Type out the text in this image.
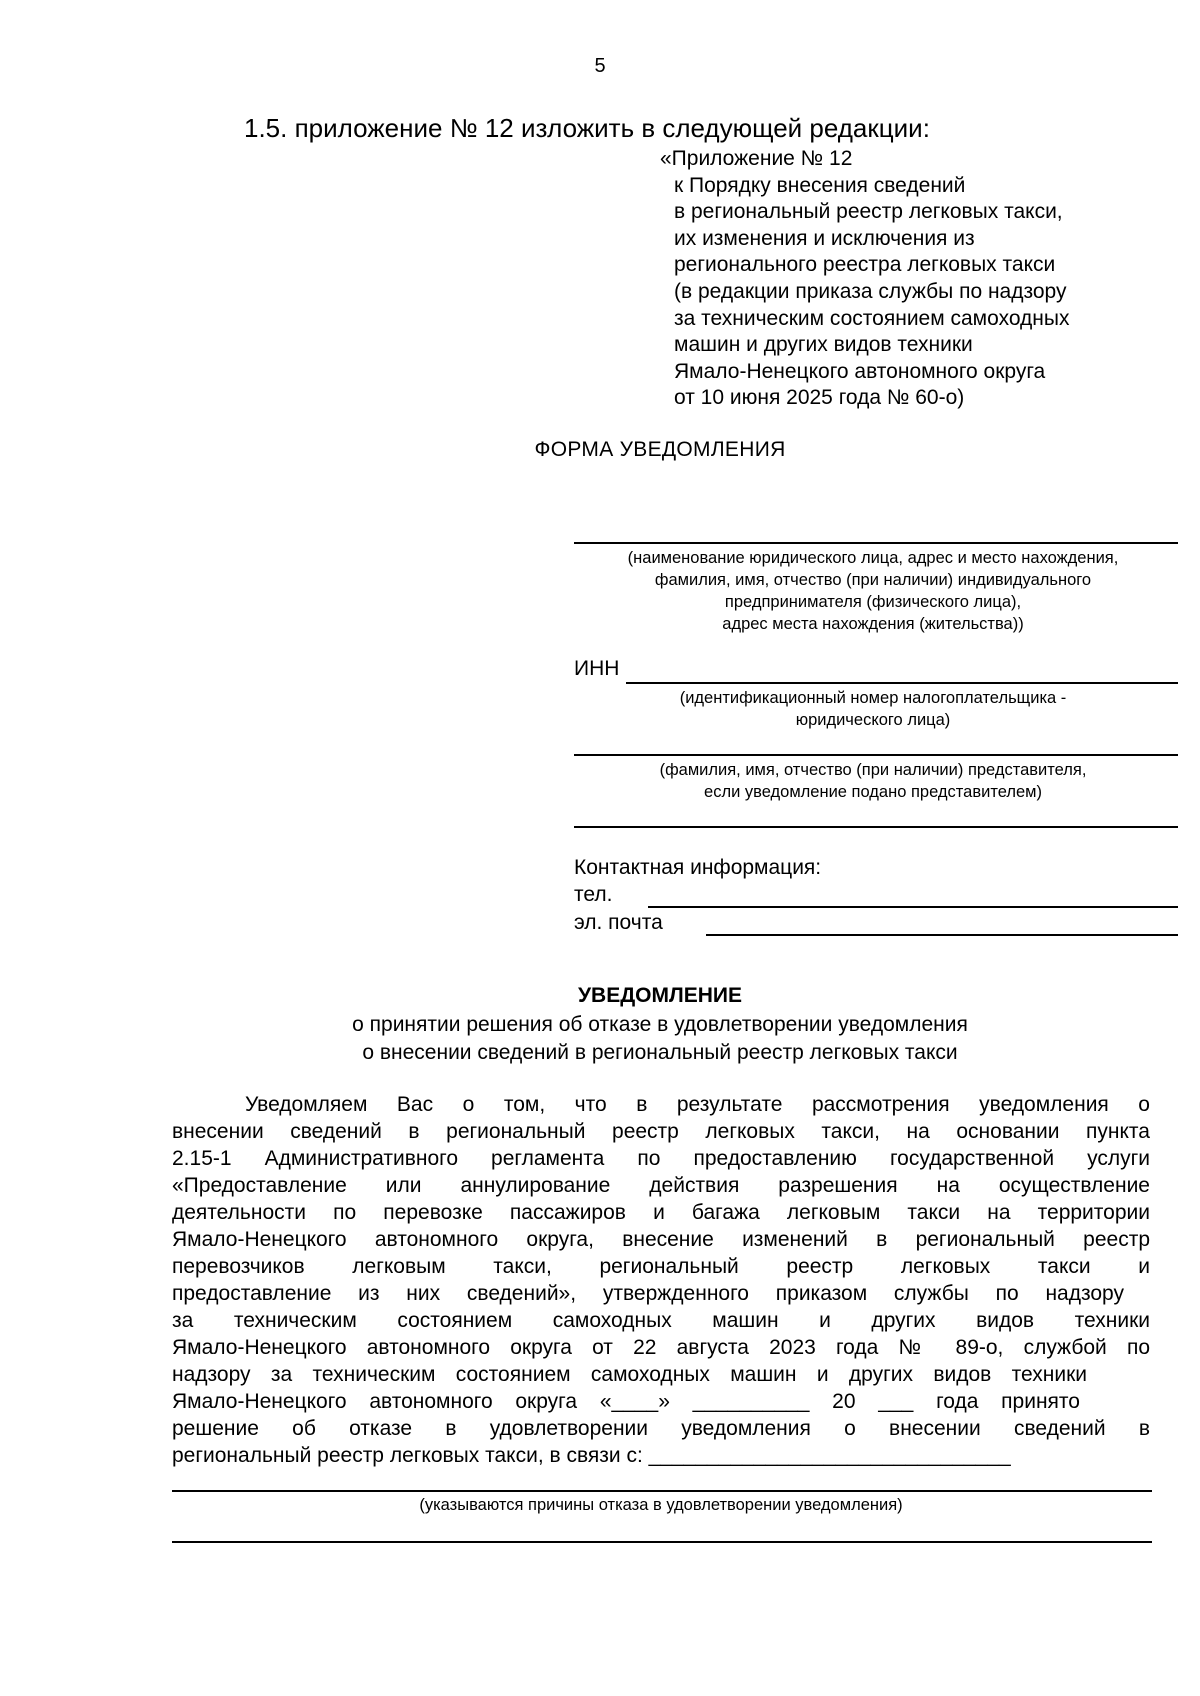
5
1.5. приложение № 12 изложить в следующей редакции:
«Приложение № 12
к Порядку внесения сведений
в региональный реестр легковых такси,
их изменения и исключения из
регионального реестра легковых такси
(в редакции приказа службы по надзору
за техническим состоянием самоходных
машин и других видов техники
Ямало-Ненецкого автономного округа
от 10 июня 2025 года № 60-о)
ФОРМА УВЕДОМЛЕНИЯ
(наименование юридического лица, адрес и место нахождения,
фамилия, имя, отчество (при наличии) индивидуального
предпринимателя (физического лица),
адрес места нахождения (жительства))
ИНН
(идентификационный номер налогоплательщика -
юридического лица)
(фамилия, имя, отчество (при наличии) представителя,
если уведомление подано представителем)
Контактная информация:
тел.
эл. почта
УВЕДОМЛЕНИЕ
о принятии решения об отказе в удовлетворении уведомления
о внесении сведений в региональный реестр легковых такси
Уведомляем Вас о том, что в результате рассмотрения уведомления о
внесении сведений в региональный реестр легковых такси, на основании пункта
2.15-1 Административного регламента по предоставлению государственной услуги
«Предоставление или аннулирование действия разрешения на осуществление
деятельности по перевозке пассажиров и багажа легковым такси на территории
Ямало-Ненецкого автономного округа, внесение изменений в региональный реестр
перевозчиков легковым такси, региональный реестр легковых такси и
предоставление из них сведений», утвержденного приказом службы по надзору
за техническим состоянием самоходных машин и других видов техники
Ямало-Ненецкого автономного округа от 22 августа 2023 года № 89-о, службой по
надзору за техническим состоянием самоходных машин и других видов техники
Ямало-Ненецкого автономного округа «____» __________ 20 ___ года принято
решение об отказе в удовлетворении уведомления о внесении сведений в
региональный реестр легковых такси, в связи с: _______________________________
(указываются причины отказа в удовлетворении уведомления)
